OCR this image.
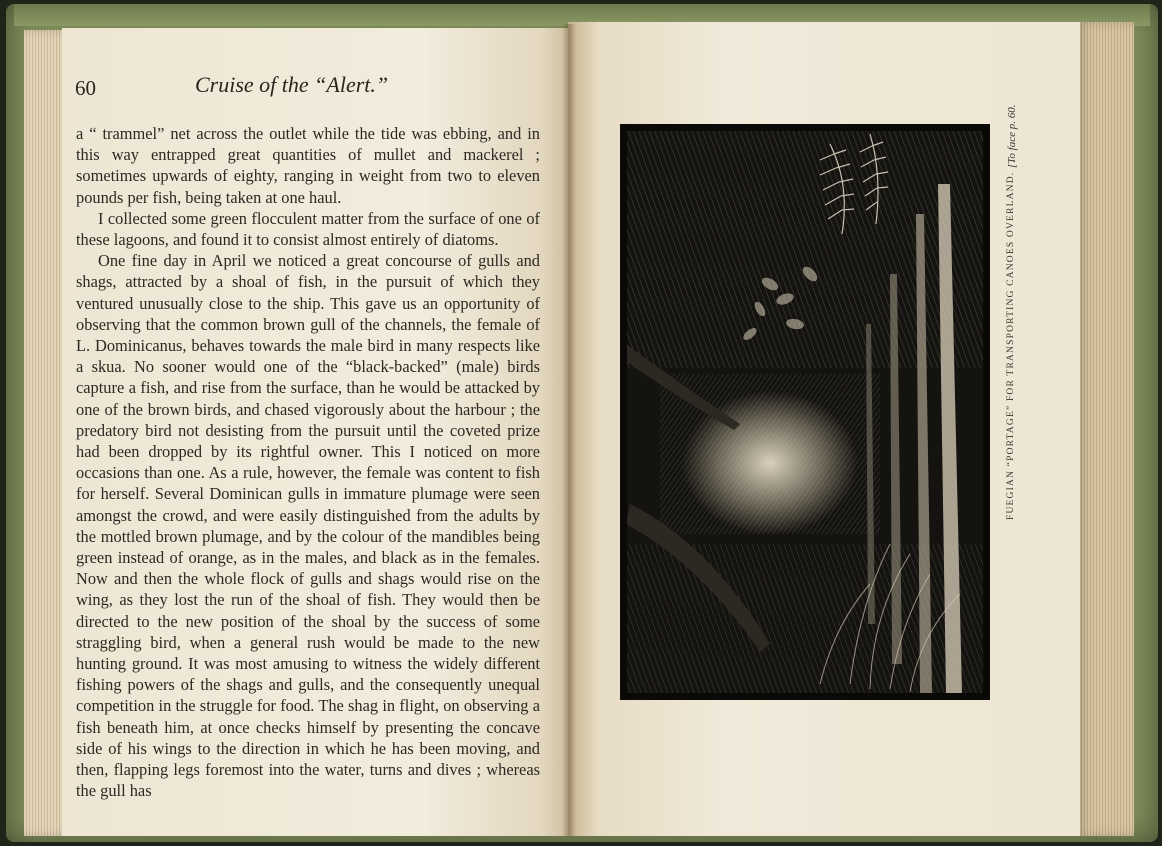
60	Cruise of the “Alert.”

a “ trammel” net across the outlet while the tide was ebbing, and in this way entrapped great quantities of mullet and mackerel ; sometimes upwards of eighty, ranging in weight from two to eleven pounds per fish, being taken at one haul.

I collected some green flocculent matter from the surface of one of these lagoons, and found it to consist almost entirely of diatoms.

One fine day in April we noticed a great concourse of gulls and shags, attracted by a shoal of fish, in the pursuit of which they ventured unusually close to the ship. This gave us an opportunity of observing that the common brown gull of the channels, the female of L. Dominicanus, behaves towards the male bird in many respects like a skua. No sooner would one of the “black-backed” (male) birds capture a fish, and rise from the surface, than he would be attacked by one of the brown birds, and chased vigorously about the harbour ; the predatory bird not desisting from the pursuit until the coveted prize had been dropped by its rightful owner. This I noticed on more occasions than one. As a rule, however, the female was content to fish for herself. Several Dominican gulls in immature plumage were seen amongst the crowd, and were easily distinguished from the adults by the mottled brown plumage, and by the colour of the mandibles being green instead of orange, as in the males, and black as in the females. Now and then the whole flock of gulls and shags would rise on the wing, as they lost the run of the shoal of fish. They would then be directed to the new position of the shoal by the success of some straggling bird, when a general rush would be made to the new hunting ground. It was most amusing to witness the widely different fishing powers of the shags and gulls, and the consequently unequal competition in the struggle for food. The shag in flight, on observing a fish beneath him, at once checks himself by presenting the concave side of his wings to the direction in which he has been moving, and then, flapping legs foremost into the water, turns and dives ; whereas the gull has

FUEGIAN “PORTAGE” FOR TRANSPORTING CANOES OVERLAND.
[To face p. 60.
